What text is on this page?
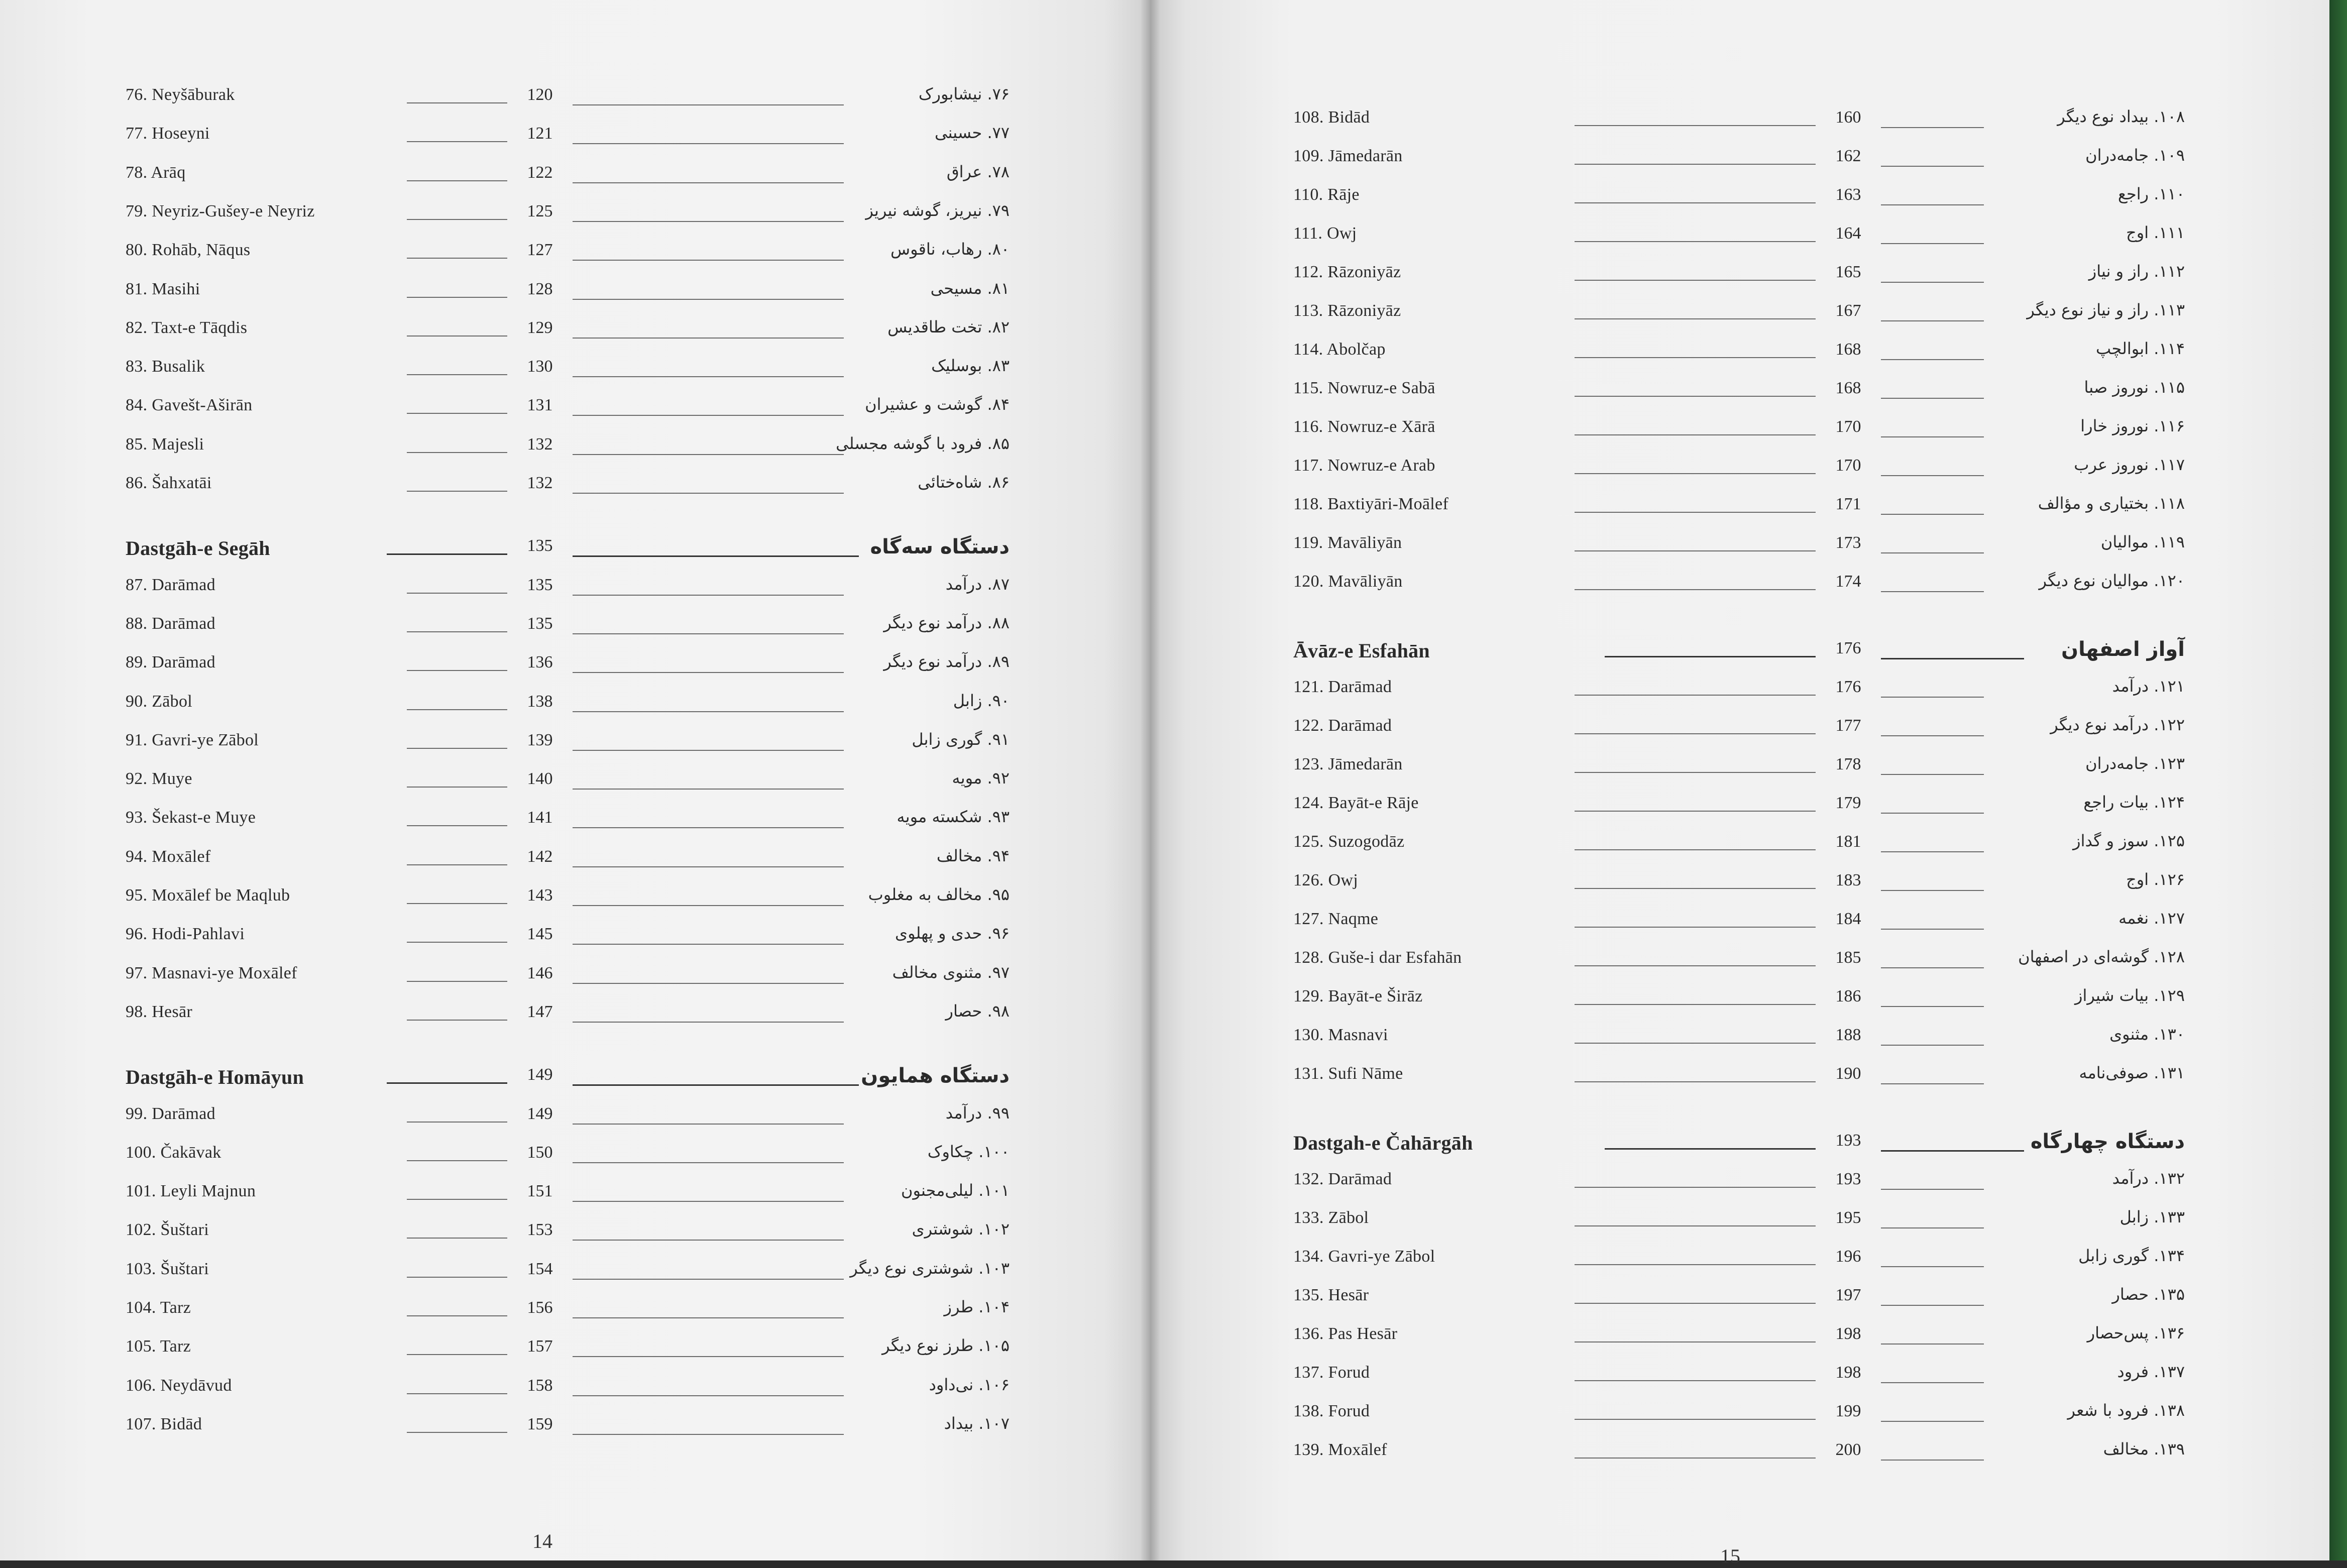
76. Neyšāburak	120	۷۶. نیشابورک
77. Hoseyni	121	۷۷. حسینی
78. Arāq	122	۷۸. عراق
79. Neyriz-Gušey-e Neyriz	125	۷۹. نیریز، گوشه نیریز
80. Rohāb, Nāqus	127	۸۰. رهاب، ناقوس
81. Masihi	128	۸۱. مسیحی
82. Taxt-e Tāqdis	129	۸۲. تخت طاقدیس
83. Busalik	130	۸۳. بوسلیک
84. Gavešt-Aširān	131	۸۴. گوشت و عشیران
85. Majesli	132	۸۵. فرود با گوشه مجسلی
86. Šahxatāi	132	۸۶. شاه‌ختائی
Dastgāh-e Segāh	135	دستگاه سه‌گاه
87. Darāmad	135	۸۷. درآمد
88. Darāmad	135	۸۸. درآمد نوع دیگر
89. Darāmad	136	۸۹. درآمد نوع دیگر
90. Zābol	138	۹۰. زابل
91. Gavri-ye Zābol	139	۹۱. گوری زابل
92. Muye	140	۹۲. مویه
93. Šekast-e Muye	141	۹۳. شکسته مویه
94. Moxālef	142	۹۴. مخالف
95. Moxālef be Maqlub	143	۹۵. مخالف به مغلوب
96. Hodi-Pahlavi	145	۹۶. حدی و پهلوی
97. Masnavi-ye Moxālef	146	۹۷. مثنوی مخالف
98. Hesār	147	۹۸. حصار
Dastgāh-e Homāyun	149	دستگاه همایون
99. Darāmad	149	۹۹. درآمد
100. Čakāvak	150	۱۰۰. چکاوک
101. Leyli Majnun	151	۱۰۱. لیلی‌مجنون
102. Šuštari	153	۱۰۲. شوشتری
103. Šuštari	154	۱۰۳. شوشتری نوع دیگر
104. Tarz	156	۱۰۴. طرز
105. Tarz	157	۱۰۵. طرز نوع دیگر
106. Neydāvud	158	۱۰۶. نی‌داود
107. Bidād	159	۱۰۷. بیداد
14
108. Bidād	160	۱۰۸. بیداد نوع دیگر
109. Jāmedarān	162	۱۰۹. جامه‌دران
110. Rāje	163	۱۱۰. راجع
111. Owj	164	۱۱۱. اوج
112. Rāzoniyāz	165	۱۱۲. راز و نیاز
113. Rāzoniyāz	167	۱۱۳. راز و نیاز نوع دیگر
114. Abolčap	168	۱۱۴. ابوالچپ
115. Nowruz-e Sabā	168	۱۱۵. نوروز صبا
116. Nowruz-e Xārā	170	۱۱۶. نوروز خارا
117. Nowruz-e Arab	170	۱۱۷. نوروز عرب
118. Baxtiyāri-Moālef	171	۱۱۸. بختیاری و مؤالف
119. Mavāliyān	173	۱۱۹. موالیان
120. Mavāliyān	174	۱۲۰. موالیان نوع دیگر
Āvāz-e Esfahān	176	آواز اصفهان
121. Darāmad	176	۱۲۱. درآمد
122. Darāmad	177	۱۲۲. درآمد نوع دیگر
123. Jāmedarān	178	۱۲۳. جامه‌دران
124. Bayāt-e Rāje	179	۱۲۴. بیات راجع
125. Suzogodāz	181	۱۲۵. سوز و گداز
126. Owj	183	۱۲۶. اوج
127. Naqme	184	۱۲۷. نغمه
128. Guše-i dar Esfahān	185	۱۲۸. گوشه‌ای در اصفهان
129. Bayāt-e Širāz	186	۱۲۹. بیات شیراز
130. Masnavi	188	۱۳۰. مثنوی
131. Sufi Nāme	190	۱۳۱. صوفی‌نامه
Dastgah-e Čahārgāh	193	دستگاه چهارگاه
132. Darāmad	193	۱۳۲. درآمد
133. Zābol	195	۱۳۳. زابل
134. Gavri-ye Zābol	196	۱۳۴. گوری زابل
135. Hesār	197	۱۳۵. حصار
136. Pas Hesār	198	۱۳۶. پس‌حصار
137. Forud	198	۱۳۷. فرود
138. Forud	199	۱۳۸. فرود با شعر
139. Moxālef	200	۱۳۹. مخالف
15
